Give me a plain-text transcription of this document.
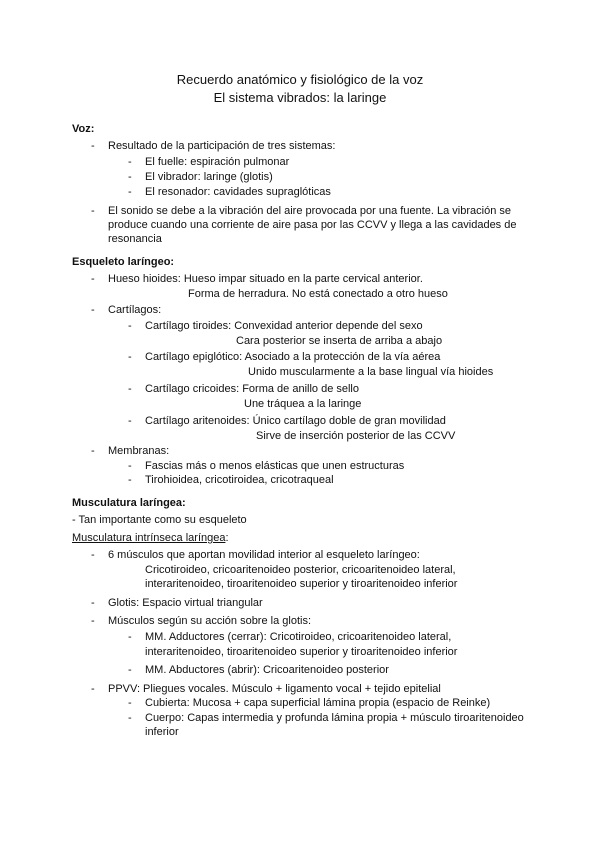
Recuerdo anatómico y fisiológico de la voz
El sistema vibrados: la laringe
Voz:
- Resultado de la participación de tres sistemas:
- El fuelle: espiración pulmonar
- El vibrador: laringe (glotis)
- El resonador: cavidades supraglóticas
- El sonido se debe a la vibración del aire provocada por una fuente. La vibración se
produce cuando una corriente de aire pasa por las CCVV y llega a las cavidades de
resonancia
Esqueleto laríngeo:
- Hueso hioides: Hueso impar situado en la parte cervical anterior.
Forma de herradura. No está conectado a otro hueso
- Cartílagos:
- Cartílago tiroides: Convexidad anterior depende del sexo
Cara posterior se inserta de arriba a abajo
- Cartílago epiglótico: Asociado a la protección de la vía aérea
Unido muscularmente a la base lingual vía hioides
- Cartílago cricoides: Forma de anillo de sello
Une tráquea a la laringe
- Cartílago aritenoides: Único cartílago doble de gran movilidad
Sirve de inserción posterior de las CCVV
- Membranas:
- Fascias más o menos elásticas que unen estructuras
- Tirohioidea, cricotiroidea, cricotraqueal
Musculatura laríngea:
- Tan importante como su esqueleto
Musculatura intrínseca laríngea:
- 6 músculos que aportan movilidad interior al esqueleto laríngeo:
Cricotiroideo, cricoaritenoideo posterior, cricoaritenoideo lateral,
interaritenoideo, tiroaritenoideo superior y tiroaritenoideo inferior
- Glotis: Espacio virtual triangular
- Músculos según su acción sobre la glotis:
- MM. Adductores (cerrar): Cricotiroideo, cricoaritenoideo lateral,
interaritenoideo, tiroaritenoideo superior y tiroaritenoideo inferior
- MM. Abductores (abrir): Cricoaritenoideo posterior
- PPVV: Pliegues vocales. Músculo + ligamento vocal + tejido epitelial
- Cubierta: Mucosa + capa superficial lámina propia (espacio de Reinke)
- Cuerpo: Capas intermedia y profunda lámina propia + músculo tiroaritenoideo
inferior
